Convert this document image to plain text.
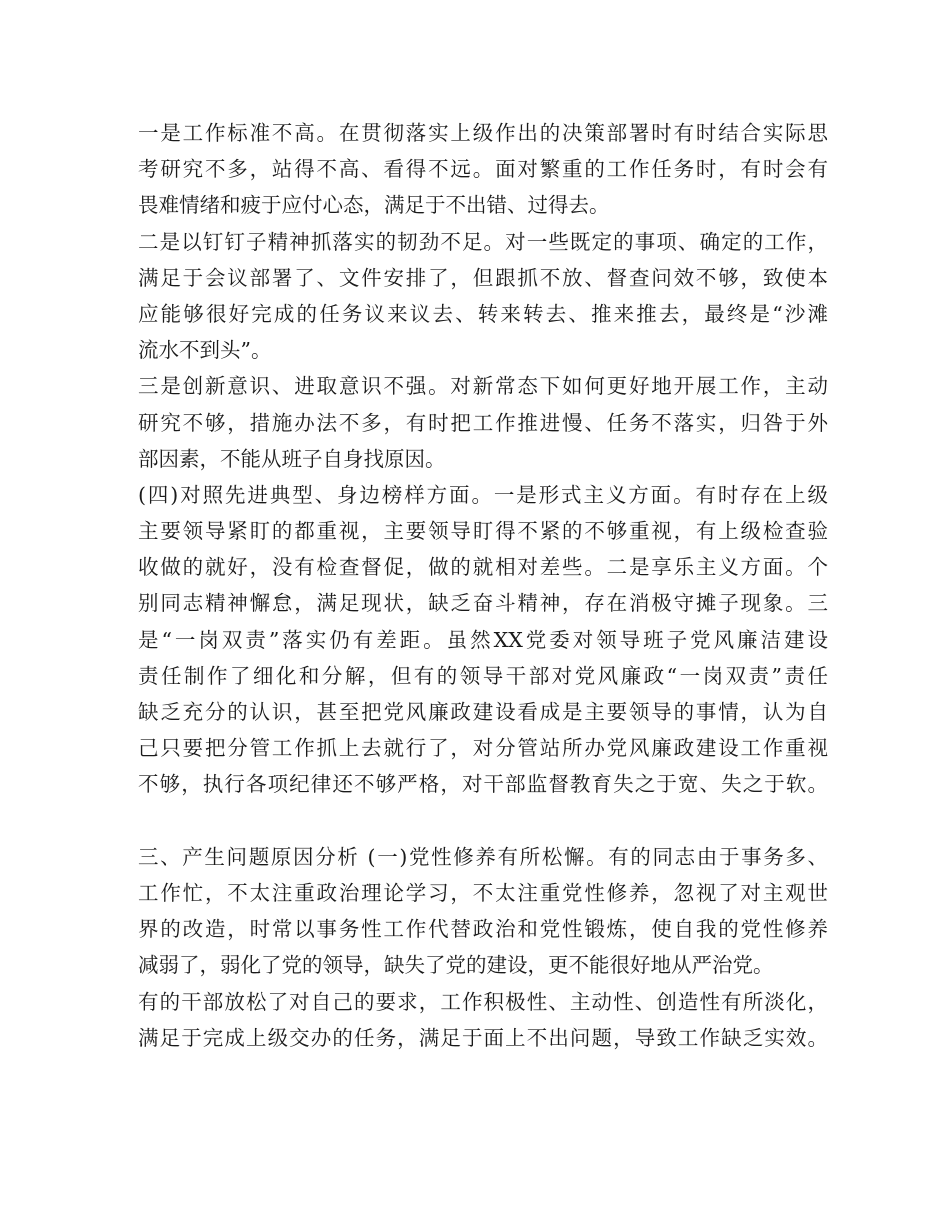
一是工作标准不高。在贯彻落实上级作出的决策部署时有时结合实际思
考研究不多，站得不高、看得不远。面对繁重的工作任务时，有时会有
畏难情绪和疲于应付心态，满足于不出错、过得去。
二是以钉钉子精神抓落实的韧劲不足。对一些既定的事项、确定的工作，
满足于会议部署了、文件安排了，但跟抓不放、督查问效不够，致使本
应能够很好完成的任务议来议去、转来转去、推来推去，最终是“沙滩
流水不到头”。
三是创新意识、进取意识不强。对新常态下如何更好地开展工作，主动
研究不够，措施办法不多，有时把工作推进慢、任务不落实，归咎于外
部因素，不能从班子自身找原因。
(四)对照先进典型、身边榜样方面。一是形式主义方面。有时存在上级
主要领导紧盯的都重视，主要领导盯得不紧的不够重视，有上级检查验
收做的就好，没有检查督促，做的就相对差些。二是享乐主义方面。个
别同志精神懈怠，满足现状，缺乏奋斗精神，存在消极守摊子现象。三
是“一岗双责”落实仍有差距。虽然XX党委对领导班子党风廉洁建设
责任制作了细化和分解，但有的领导干部对党风廉政“一岗双责”责任
缺乏充分的认识，甚至把党风廉政建设看成是主要领导的事情，认为自
己只要把分管工作抓上去就行了，对分管站所办党风廉政建设工作重视
不够，执行各项纪律还不够严格，对干部监督教育失之于宽、失之于软。
三、产生问题原因分析 (一)党性修养有所松懈。有的同志由于事务多、
工作忙，不太注重政治理论学习，不太注重党性修养，忽视了对主观世
界的改造，时常以事务性工作代替政治和党性锻炼，使自我的党性修养
减弱了，弱化了党的领导，缺失了党的建设，更不能很好地从严治党。
有的干部放松了对自己的要求，工作积极性、主动性、创造性有所淡化，
满足于完成上级交办的任务，满足于面上不出问题，导致工作缺乏实效。
